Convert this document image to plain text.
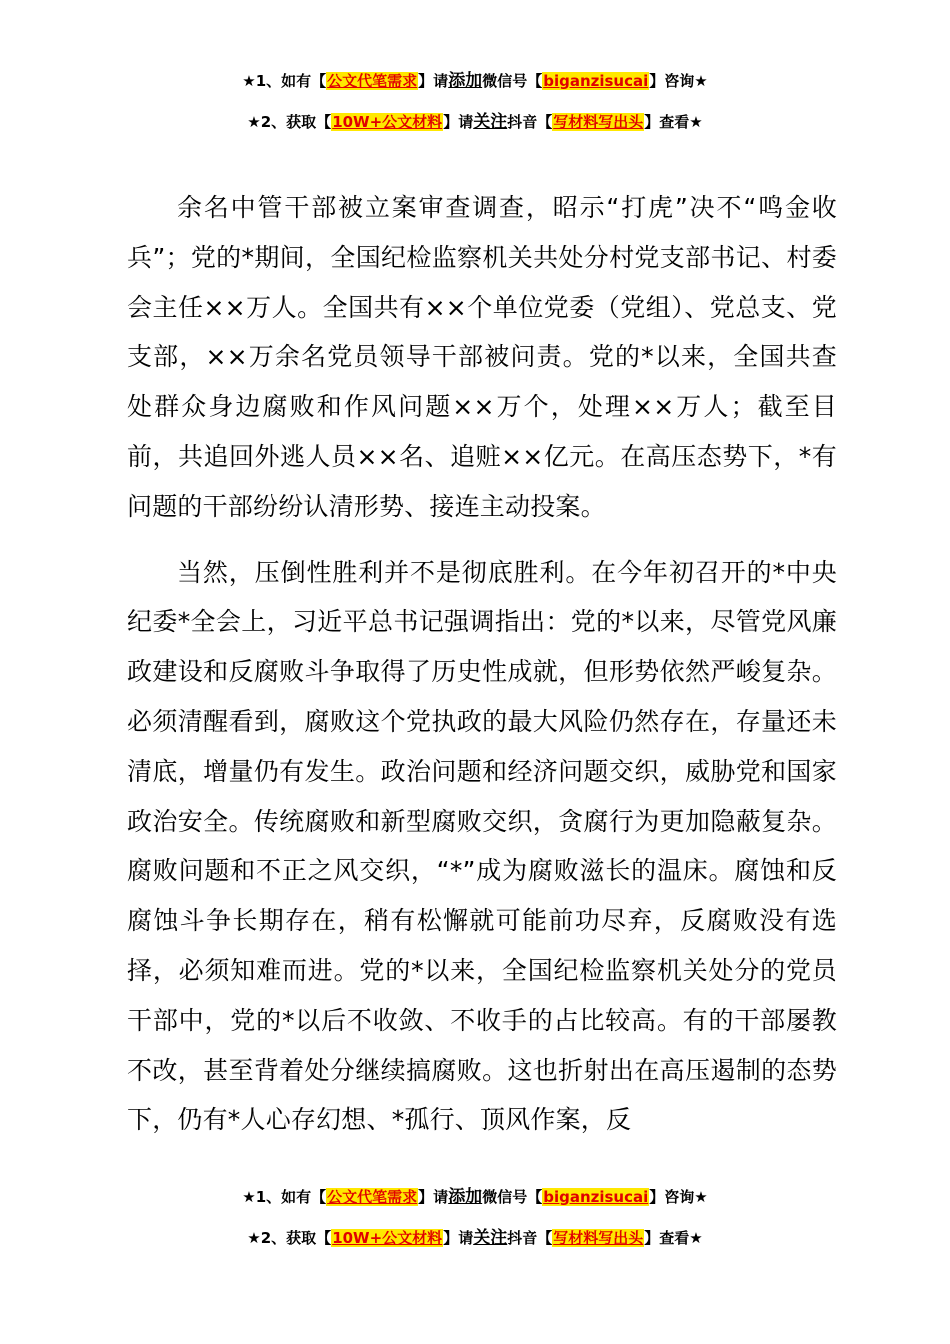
★1、如有【公文代笔需求】请添加微信号【biganzisucai】咨询★
★2、获取【10W+公文材料】请关注抖音【写材料写出头】查看★

余名中管干部被立案审查调查，昭示“打虎”决不“鸣金收兵”；党的*期间，全国纪检监察机关共处分村党支部书记、村委会主任××万人。全国共有××个单位党委（党组）、党总支、党支部，××万余名党员领导干部被问责。党的*以来，全国共查处群众身边腐败和作风问题××万个，处理××万人；截至目前，共追回外逃人员××名、追赃××亿元。在高压态势下，*有问题的干部纷纷认清形势、接连主动投案。

当然，压倒性胜利并不是彻底胜利。在今年初召开的*中央纪委*全会上，习近平总书记强调指出：党的*以来，尽管党风廉政建设和反腐败斗争取得了历史性成就，但形势依然严峻复杂。必须清醒看到，腐败这个党执政的最大风险仍然存在，存量还未清底，增量仍有发生。政治问题和经济问题交织，威胁党和国家政治安全。传统腐败和新型腐败交织，贪腐行为更加隐蔽复杂。腐败问题和不正之风交织，“*”成为腐败滋长的温床。腐蚀和反腐蚀斗争长期存在，稍有松懈就可能前功尽弃，反腐败没有选择，必须知难而进。党的*以来，全国纪检监察机关处分的党员干部中，党的*以后不收敛、不收手的占比较高。有的干部屡教不改，甚至背着处分继续搞腐败。这也折射出在高压遏制的态势下，仍有*人心存幻想、*孤行、顶风作案，反

★1、如有【公文代笔需求】请添加微信号【biganzisucai】咨询★
★2、获取【10W+公文材料】请关注抖音【写材料写出头】查看★
